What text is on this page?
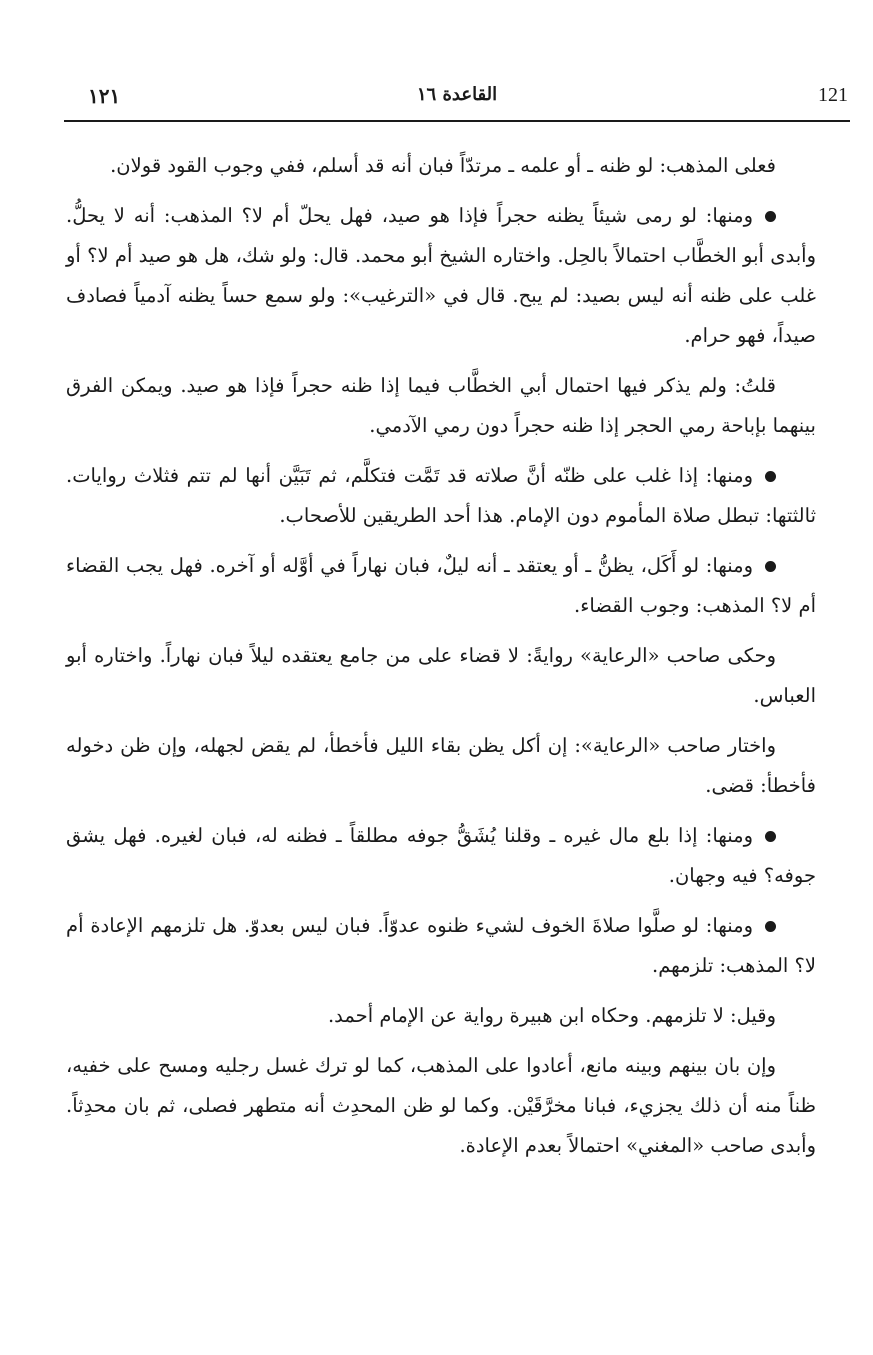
121
القاعدة ١٦
١٢١

فعلى المذهب: لو ظنه ـ أو علمه ـ مرتدّاً فبان أنه قد أسلم، ففي وجوب القود قولان.

ومنها: لو رمى شيئاً يظنه حجراً فإذا هو صيد، فهل يحلّ أم لا؟ المذهب: أنه لا يحلُّ. وأبدى أبو الخطَّاب احتمالاً بالحِل. واختاره الشيخ أبو محمد. قال: ولو شك، هل هو صيد أم لا؟ أو غلب على ظنه أنه ليس بصيد: لم يبح. قال في «الترغيب»: ولو سمع حساً يظنه آدمياً فصادف صيداً، فهو حرام.

قلتُ: ولم يذكر فيها احتمال أبي الخطَّاب فيما إذا ظنه حجراً فإذا هو صيد. ويمكن الفرق بينهما بإباحة رمي الحجر إذا ظنه حجراً دون رمي الآدمي.

ومنها: إذا غلب على ظنّه أنَّ صلاته قد تَمَّت فتكلَّم، ثم تَبَيَّن أنها لم تتم فثلاث روايات. ثالثتها: تبطل صلاة المأموم دون الإمام. هذا أحد الطريقين للأصحاب.

ومنها: لو أَكَل، يظنُّ ـ أو يعتقد ـ أنه ليلٌ، فبان نهاراً في أوَّله أو آخره. فهل يجب القضاء أم لا؟ المذهب: وجوب القضاء.

وحكى صاحب «الرعاية» روايةً: لا قضاء على من جامع يعتقده ليلاً فبان نهاراً. واختاره أبو العباس.

واختار صاحب «الرعاية»: إن أكل يظن بقاء الليل فأخطأ، لم يقض لجهله، وإن ظن دخوله فأخطأ: قضى.

ومنها: إذا بلع مال غيره ـ وقلنا يُشَقُّ جوفه مطلقاً ـ فظنه له، فبان لغيره. فهل يشق جوفه؟ فيه وجهان.

ومنها: لو صلَّوا صلاةَ الخوف لشيء ظنوه عدوّاً. فبان ليس بعدوّ. هل تلزمهم الإعادة أم لا؟ المذهب: تلزمهم.

وقيل: لا تلزمهم. وحكاه ابن هبيرة رواية عن الإمام أحمد.

وإن بان بينهم وبينه مانع، أعادوا على المذهب، كما لو ترك غسل رجليه ومسح على خفيه، ظناً منه أن ذلك يجزيء، فبانا مخرَّقَيْن. وكما لو ظن المحدِث أنه متطهر فصلى، ثم بان محدِثاً. وأبدى صاحب «المغني» احتمالاً بعدم الإعادة.
